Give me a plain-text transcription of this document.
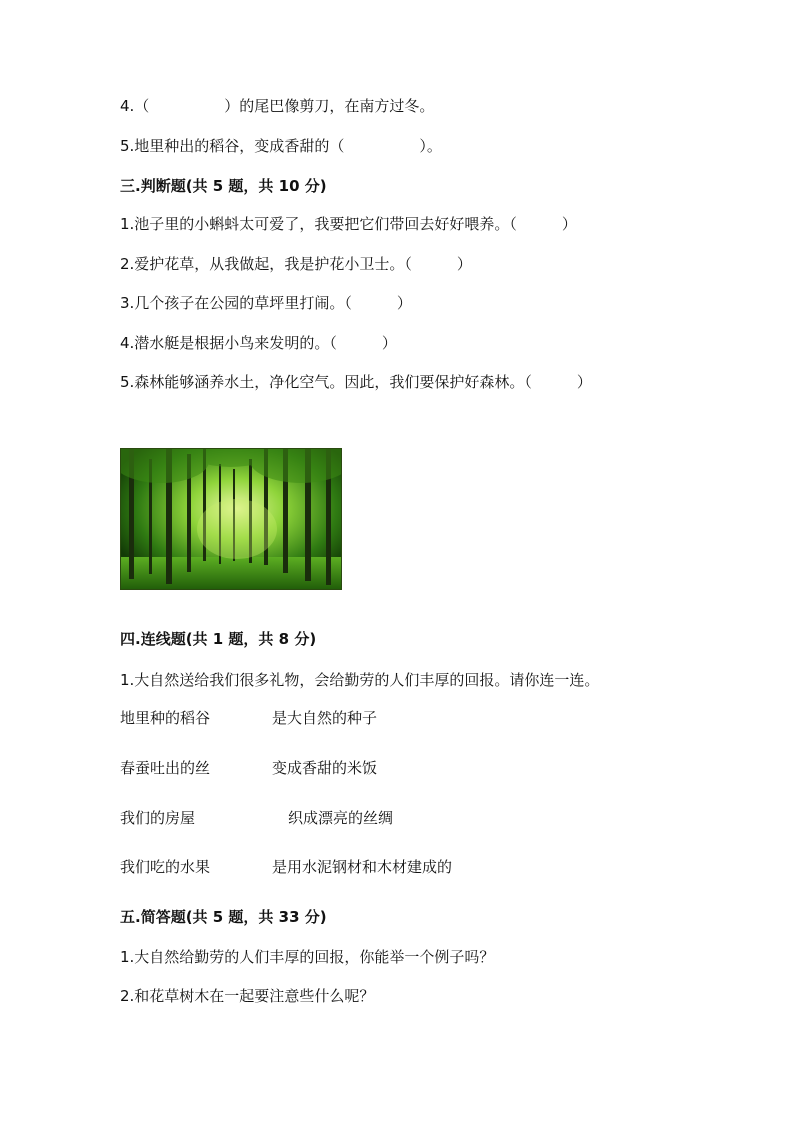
4.（　　　　　）的尾巴像剪刀，在南方过冬。
5.地里种出的稻谷，变成香甜的（　　　　　）。
三.判断题(共 5 题，共 10 分)
1.池子里的小蝌蚪太可爱了，我要把它们带回去好好喂养。（　　　）
2.爱护花草，从我做起，我是护花小卫士。（　　　）
3.几个孩子在公园的草坪里打闹。（　　　）
4.潜水艇是根据小鸟来发明的。（　　　）
5.森林能够涵养水土，净化空气。因此，我们要保护好森林。（　　　）
四.连线题(共 1 题，共 8 分)
1.大自然送给我们很多礼物，会给勤劳的人们丰厚的回报。请你连一连。
地里种的稻谷	是大自然的种子
春蚕吐出的丝	变成香甜的米饭
我们的房屋	织成漂亮的丝绸
我们吃的水果	是用水泥钢材和木材建成的
五.简答题(共 5 题，共 33 分)
1.大自然给勤劳的人们丰厚的回报，你能举一个例子吗？
2.和花草树木在一起要注意些什么呢？
